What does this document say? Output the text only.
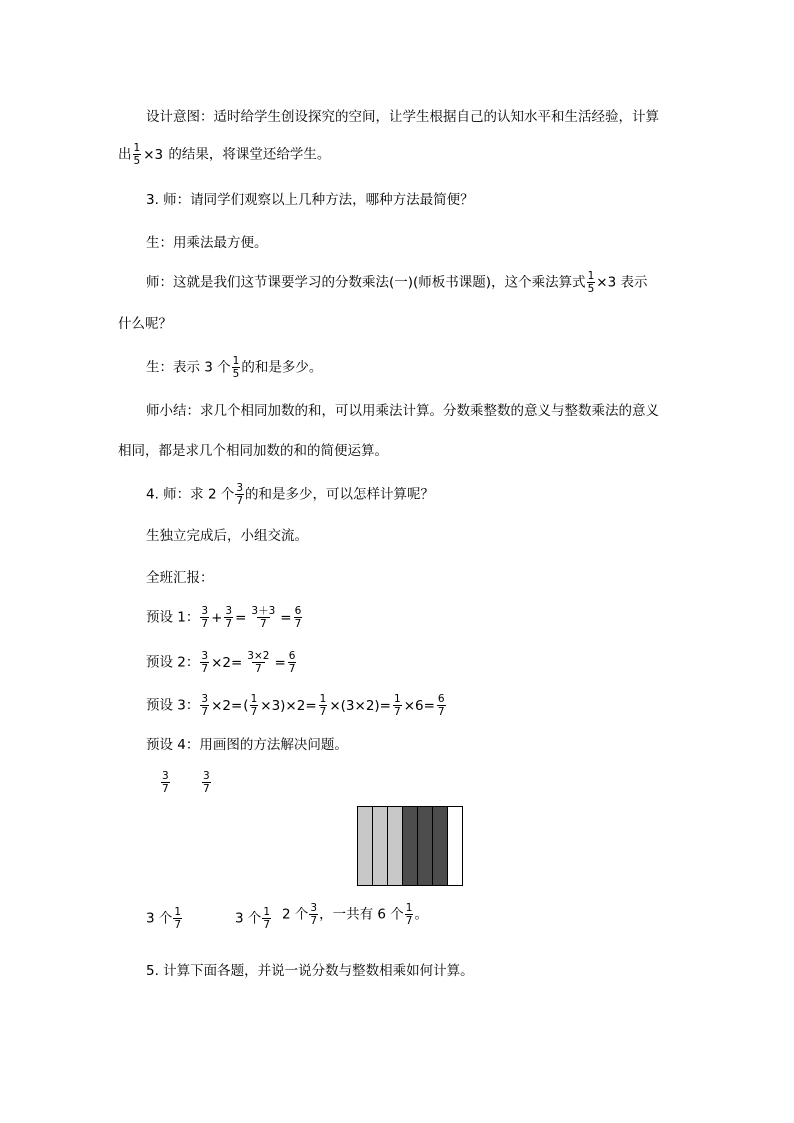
设计意图：适时给学生创设探究的空间，让学生根据自己的认知水平和生活经验，计算
出 $\frac{1}{5} \times 3$ 的结果，将课堂还给学生。
3. 师：请同学们观察以上几种方法，哪种方法最简便？
生：用乘法最方便。
师：这就是我们这节课要学习的分数乘法(一)(师板书课题)，这个乘法算式 $\frac{1}{5} \times 3$ 表示
什么呢？
生：表示 3 个 $\frac{1}{5}$ 的和是多少。
师小结：求几个相同加数的和，可以用乘法计算。分数乘整数的意义与整数乘法的意义
相同，都是求几个相同加数的和的简便运算。
4. 师：求 2 个 $\frac{3}{7}$ 的和是多少，可以怎样计算呢？
生独立完成后，小组交流。
全班汇报：
预设 1： $\frac{3}{7} + \frac{3}{7} = \frac{3+3}{7} = \frac{6}{7}$
预设 2： $\frac{3}{7} \times 2= \frac{3\times 2}{7} = \frac{6}{7}$
预设 3： $\frac{3}{7} \times 2=( \frac{1}{7} \times 3)\times 2= \frac{1}{7} \times(3\times 2)= \frac{1}{7} \times 6= \frac{6}{7}$
预设 4：用画图的方法解决问题。
$\frac{3}{7}$	$\frac{3}{7}$
3 个 $\frac{1}{7}$	3 个 $\frac{1}{7} 2$ 个 $\frac{3}{7}$ ，一共有 6 个 $\frac{1}{7}$ 。
5. 计算下面各题，并说一说分数与整数相乘如何计算。
